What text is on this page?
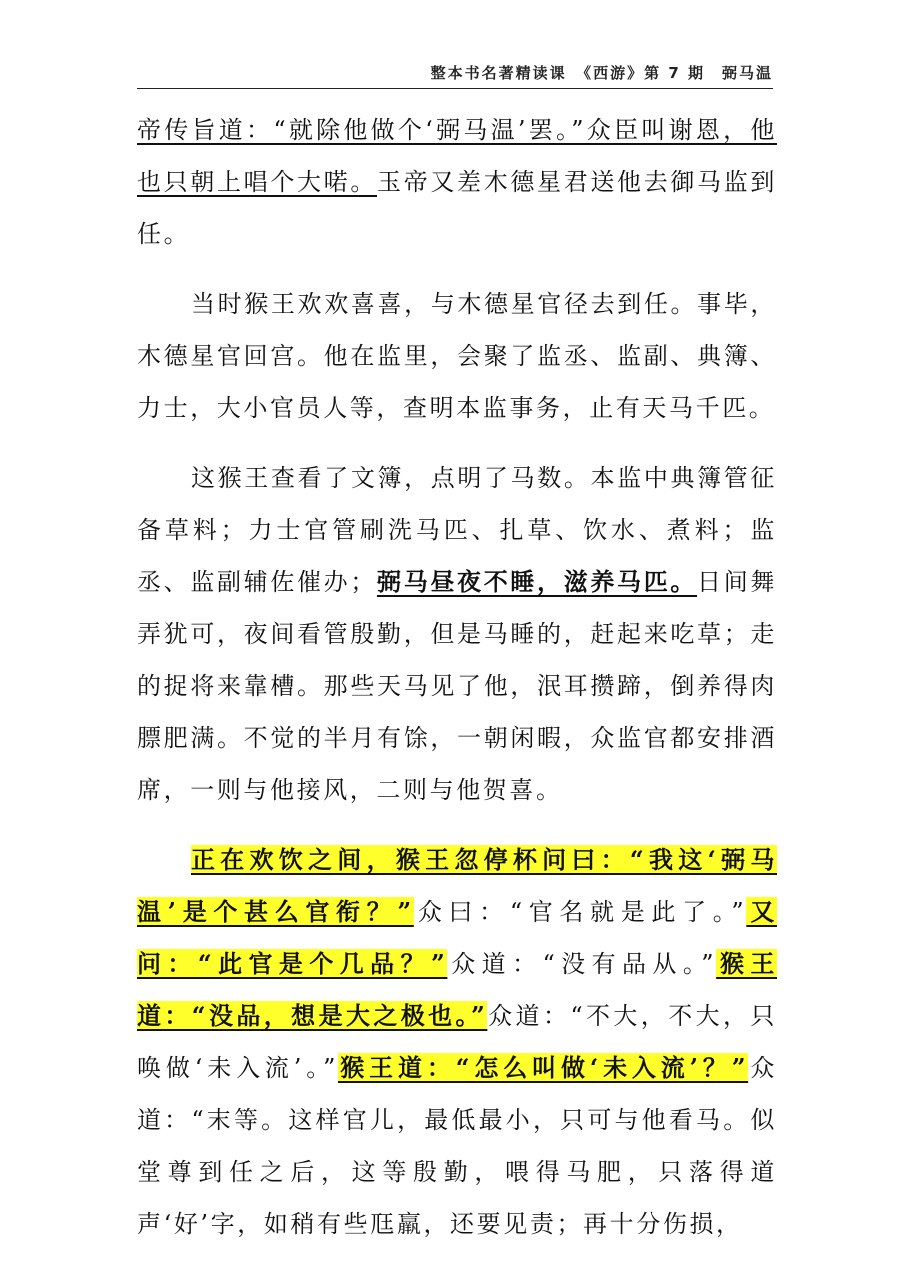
整本书名著精读课　《西游》第 7 期　弼马温

帝传旨道：“就除他做个‘弼马温’罢。”众臣叫谢恩，他也只朝上唱个大喏。玉帝又差木德星君送他去御马监到任。

当时猴王欢欢喜喜，与木德星官径去到任。事毕，木德星官回宫。他在监里，会聚了监丞、监副、典簿、力士，大小官员人等，查明本监事务，止有天马千匹。

这猴王查看了文簿，点明了马数。本监中典簿管征备草料；力士官管刷洗马匹、扎草、饮水、煮料；监丞、监副辅佐催办；弼马昼夜不睡，滋养马匹。日间舞弄犹可，夜间看管殷勤，但是马睡的，赶起来吃草；走的捉将来靠槽。那些天马见了他，泯耳攒蹄，倒养得肉膘肥满。不觉的半月有馀，一朝闲暇，众监官都安排酒席，一则与他接风，二则与他贺喜。

正在欢饮之间，猴王忽停杯问曰：“我这‘弼马温’是个甚么官衔？”众曰：“官名就是此了。”又问：“此官是个几品？”众道：“没有品从。”猴王道：“没品，想是大之极也。”众道：“不大，不大，只唤做‘未入流’。”猴王道：“怎么叫做‘未入流’？”众道：“末等。这样官儿，最低最小，只可与他看马。似堂尊到任之后，这等殷勤，喂得马肥，只落得道声‘好’字，如稍有些尫羸，还要见责；再十分伤损，
